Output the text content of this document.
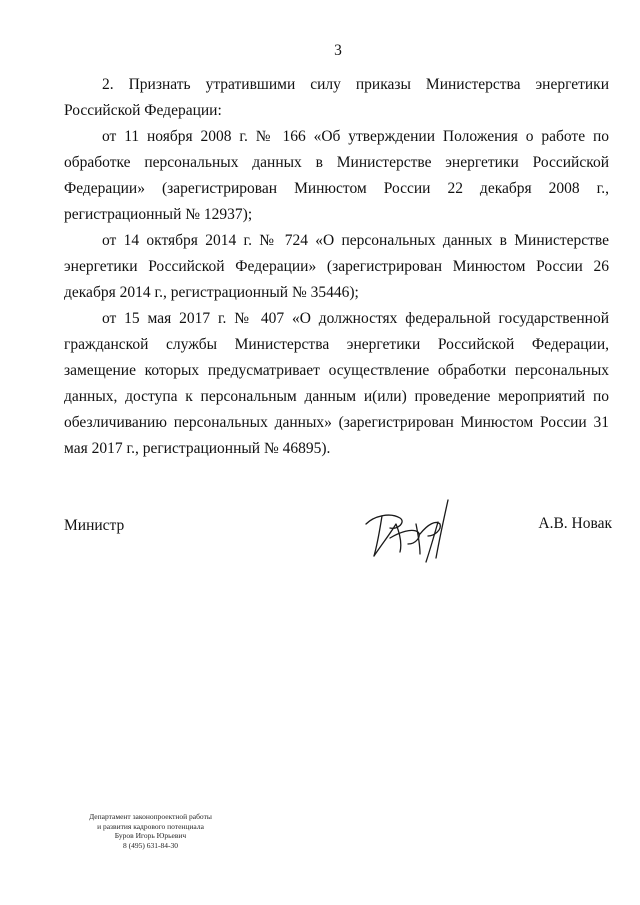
3

2. Признать утратившими силу приказы Министерства энергетики Российской Федерации:

от 11 ноября 2008 г. № 166 «Об утверждении Положения о работе по обработке персональных данных в Министерстве энергетики Российской Федерации» (зарегистрирован Минюстом России 22 декабря 2008 г., регистрационный № 12937);

от 14 октября 2014 г. № 724 «О персональных данных в Министерстве энергетики Российской Федерации» (зарегистрирован Минюстом России 26 декабря 2014 г., регистрационный № 35446);

от 15 мая 2017 г. № 407 «О должностях федеральной государственной гражданской службы Министерства энергетики Российской Федерации, замещение которых предусматривает осуществление обработки персональных данных, доступа к персональным данным и(или) проведение мероприятий по обезличиванию персональных данных» (зарегистрирован Минюстом России 31 мая 2017 г., регистрационный № 46895).

Министр	А.В. Новак
Департамент законопроектной работы
и развития кадрового потенциала
Буров Игорь Юрьевич
8 (495) 631-84-30
